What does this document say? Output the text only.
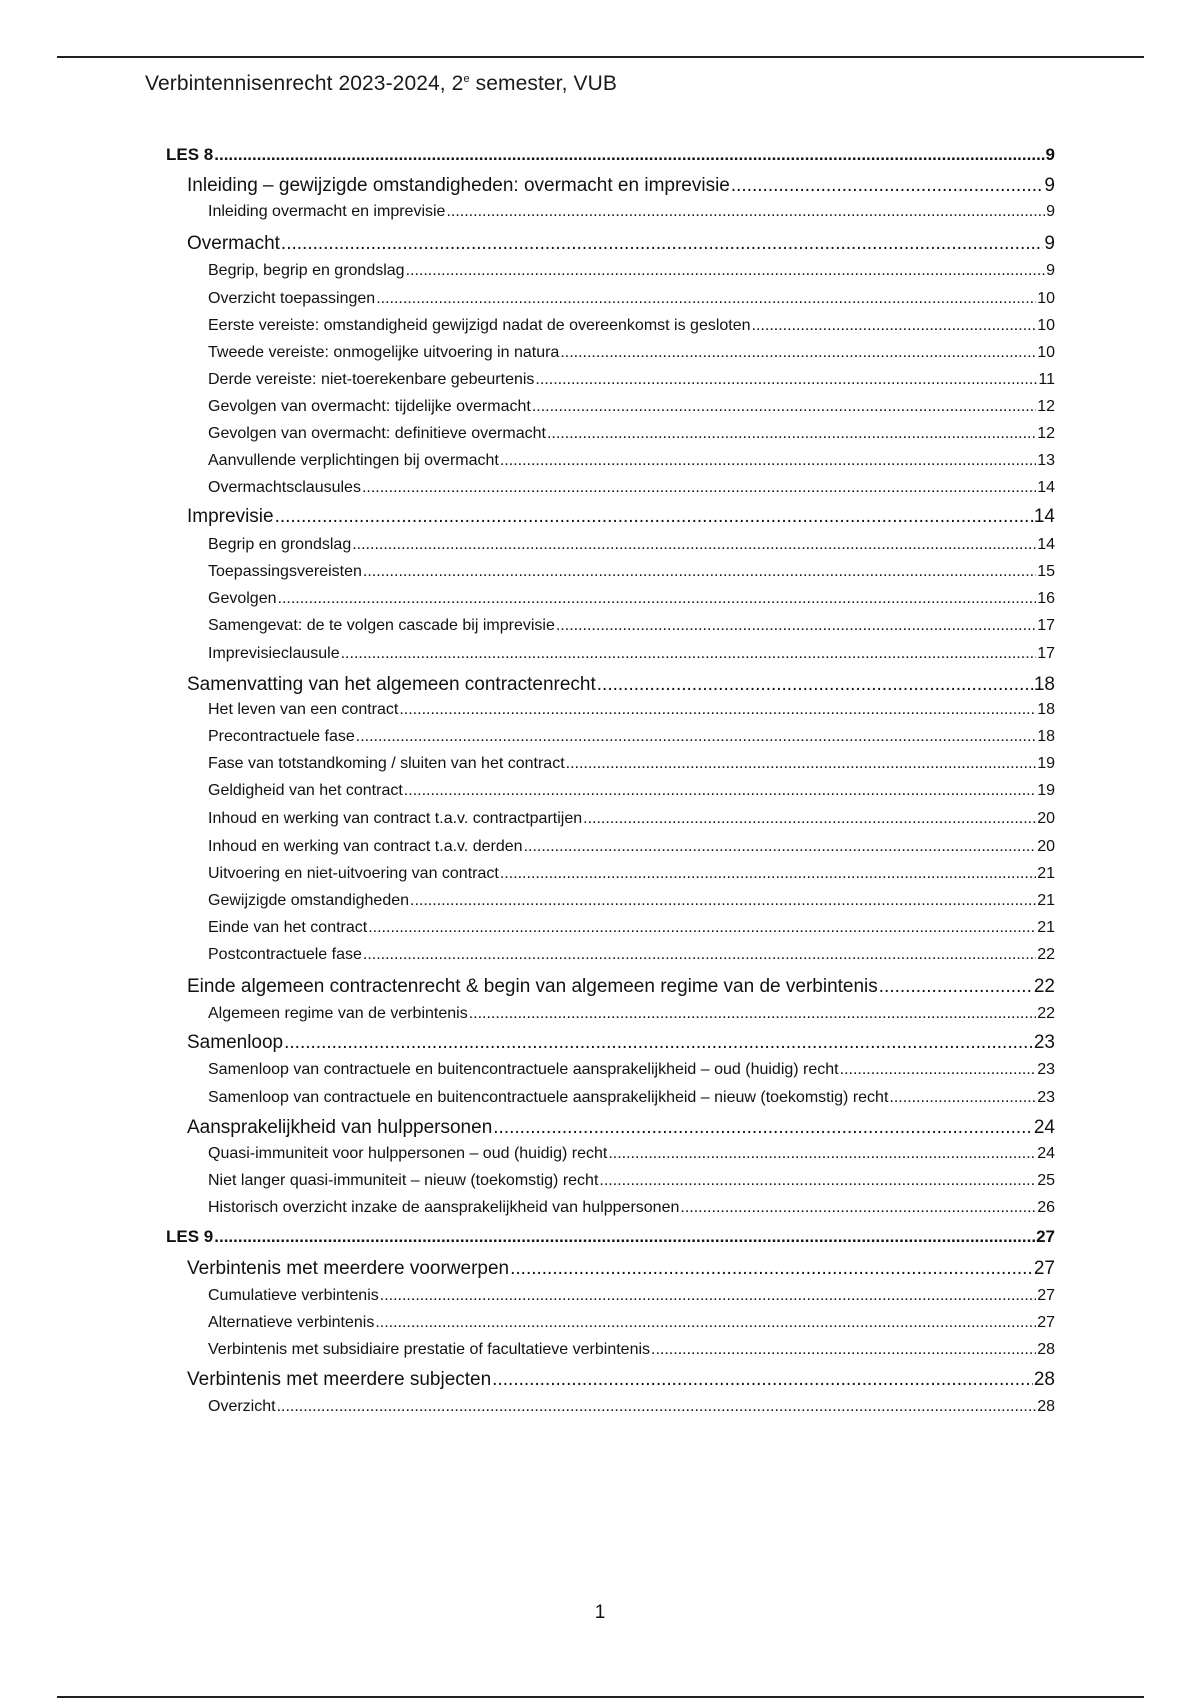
Verbintennisenrecht 2023-2024, 2e semester, VUB
LES 8 .....	9
Inleiding – gewijzigde omstandigheden: overmacht en imprevisie .....	9
Inleiding overmacht en imprevisie .....	9
Overmacht .....	9
Begrip, begrip en grondslag .....	9
Overzicht toepassingen .....	10
Eerste vereiste: omstandigheid gewijzigd nadat de overeenkomst is gesloten .....	10
Tweede vereiste: onmogelijke uitvoering in natura .....	10
Derde vereiste: niet-toerekenbare gebeurtenis .....	11
Gevolgen van overmacht: tijdelijke overmacht .....	12
Gevolgen van overmacht: definitieve overmacht .....	12
Aanvullende verplichtingen bij overmacht .....	13
Overmachtsclausules .....	14
Imprevisie .....	14
Begrip en grondslag .....	14
Toepassingsvereisten .....	15
Gevolgen .....	16
Samengevat: de te volgen cascade bij imprevisie .....	17
Imprevisieclausule .....	17
Samenvatting van het algemeen contractenrecht .....	18
Het leven van een contract .....	18
Precontractuele fase .....	18
Fase van totstandkoming / sluiten van het contract .....	19
Geldigheid van het contract .....	19
Inhoud en werking van contract t.a.v. contractpartijen .....	20
Inhoud en werking van contract t.a.v. derden .....	20
Uitvoering en niet-uitvoering van contract .....	21
Gewijzigde omstandigheden .....	21
Einde van het contract .....	21
Postcontractuele fase .....	22
Einde algemeen contractenrecht & begin van algemeen regime van de verbintenis .....	22
Algemeen regime van de verbintenis .....	22
Samenloop .....	23
Samenloop van contractuele en buitencontractuele aansprakelijkheid – oud (huidig) recht .....	23
Samenloop van contractuele en buitencontractuele aansprakelijkheid – nieuw (toekomstig) recht .....	23
Aansprakelijkheid van hulppersonen .....	24
Quasi-immuniteit voor hulppersonen – oud (huidig) recht .....	24
Niet langer quasi-immuniteit – nieuw (toekomstig) recht .....	25
Historisch overzicht inzake de aansprakelijkheid van hulppersonen .....	26
LES 9 .....	27
Verbintenis met meerdere voorwerpen .....	27
Cumulatieve verbintenis .....	27
Alternatieve verbintenis .....	27
Verbintenis met subsidiaire prestatie of facultatieve verbintenis .....	28
Verbintenis met meerdere subjecten .....	28
Overzicht .....	28
1
